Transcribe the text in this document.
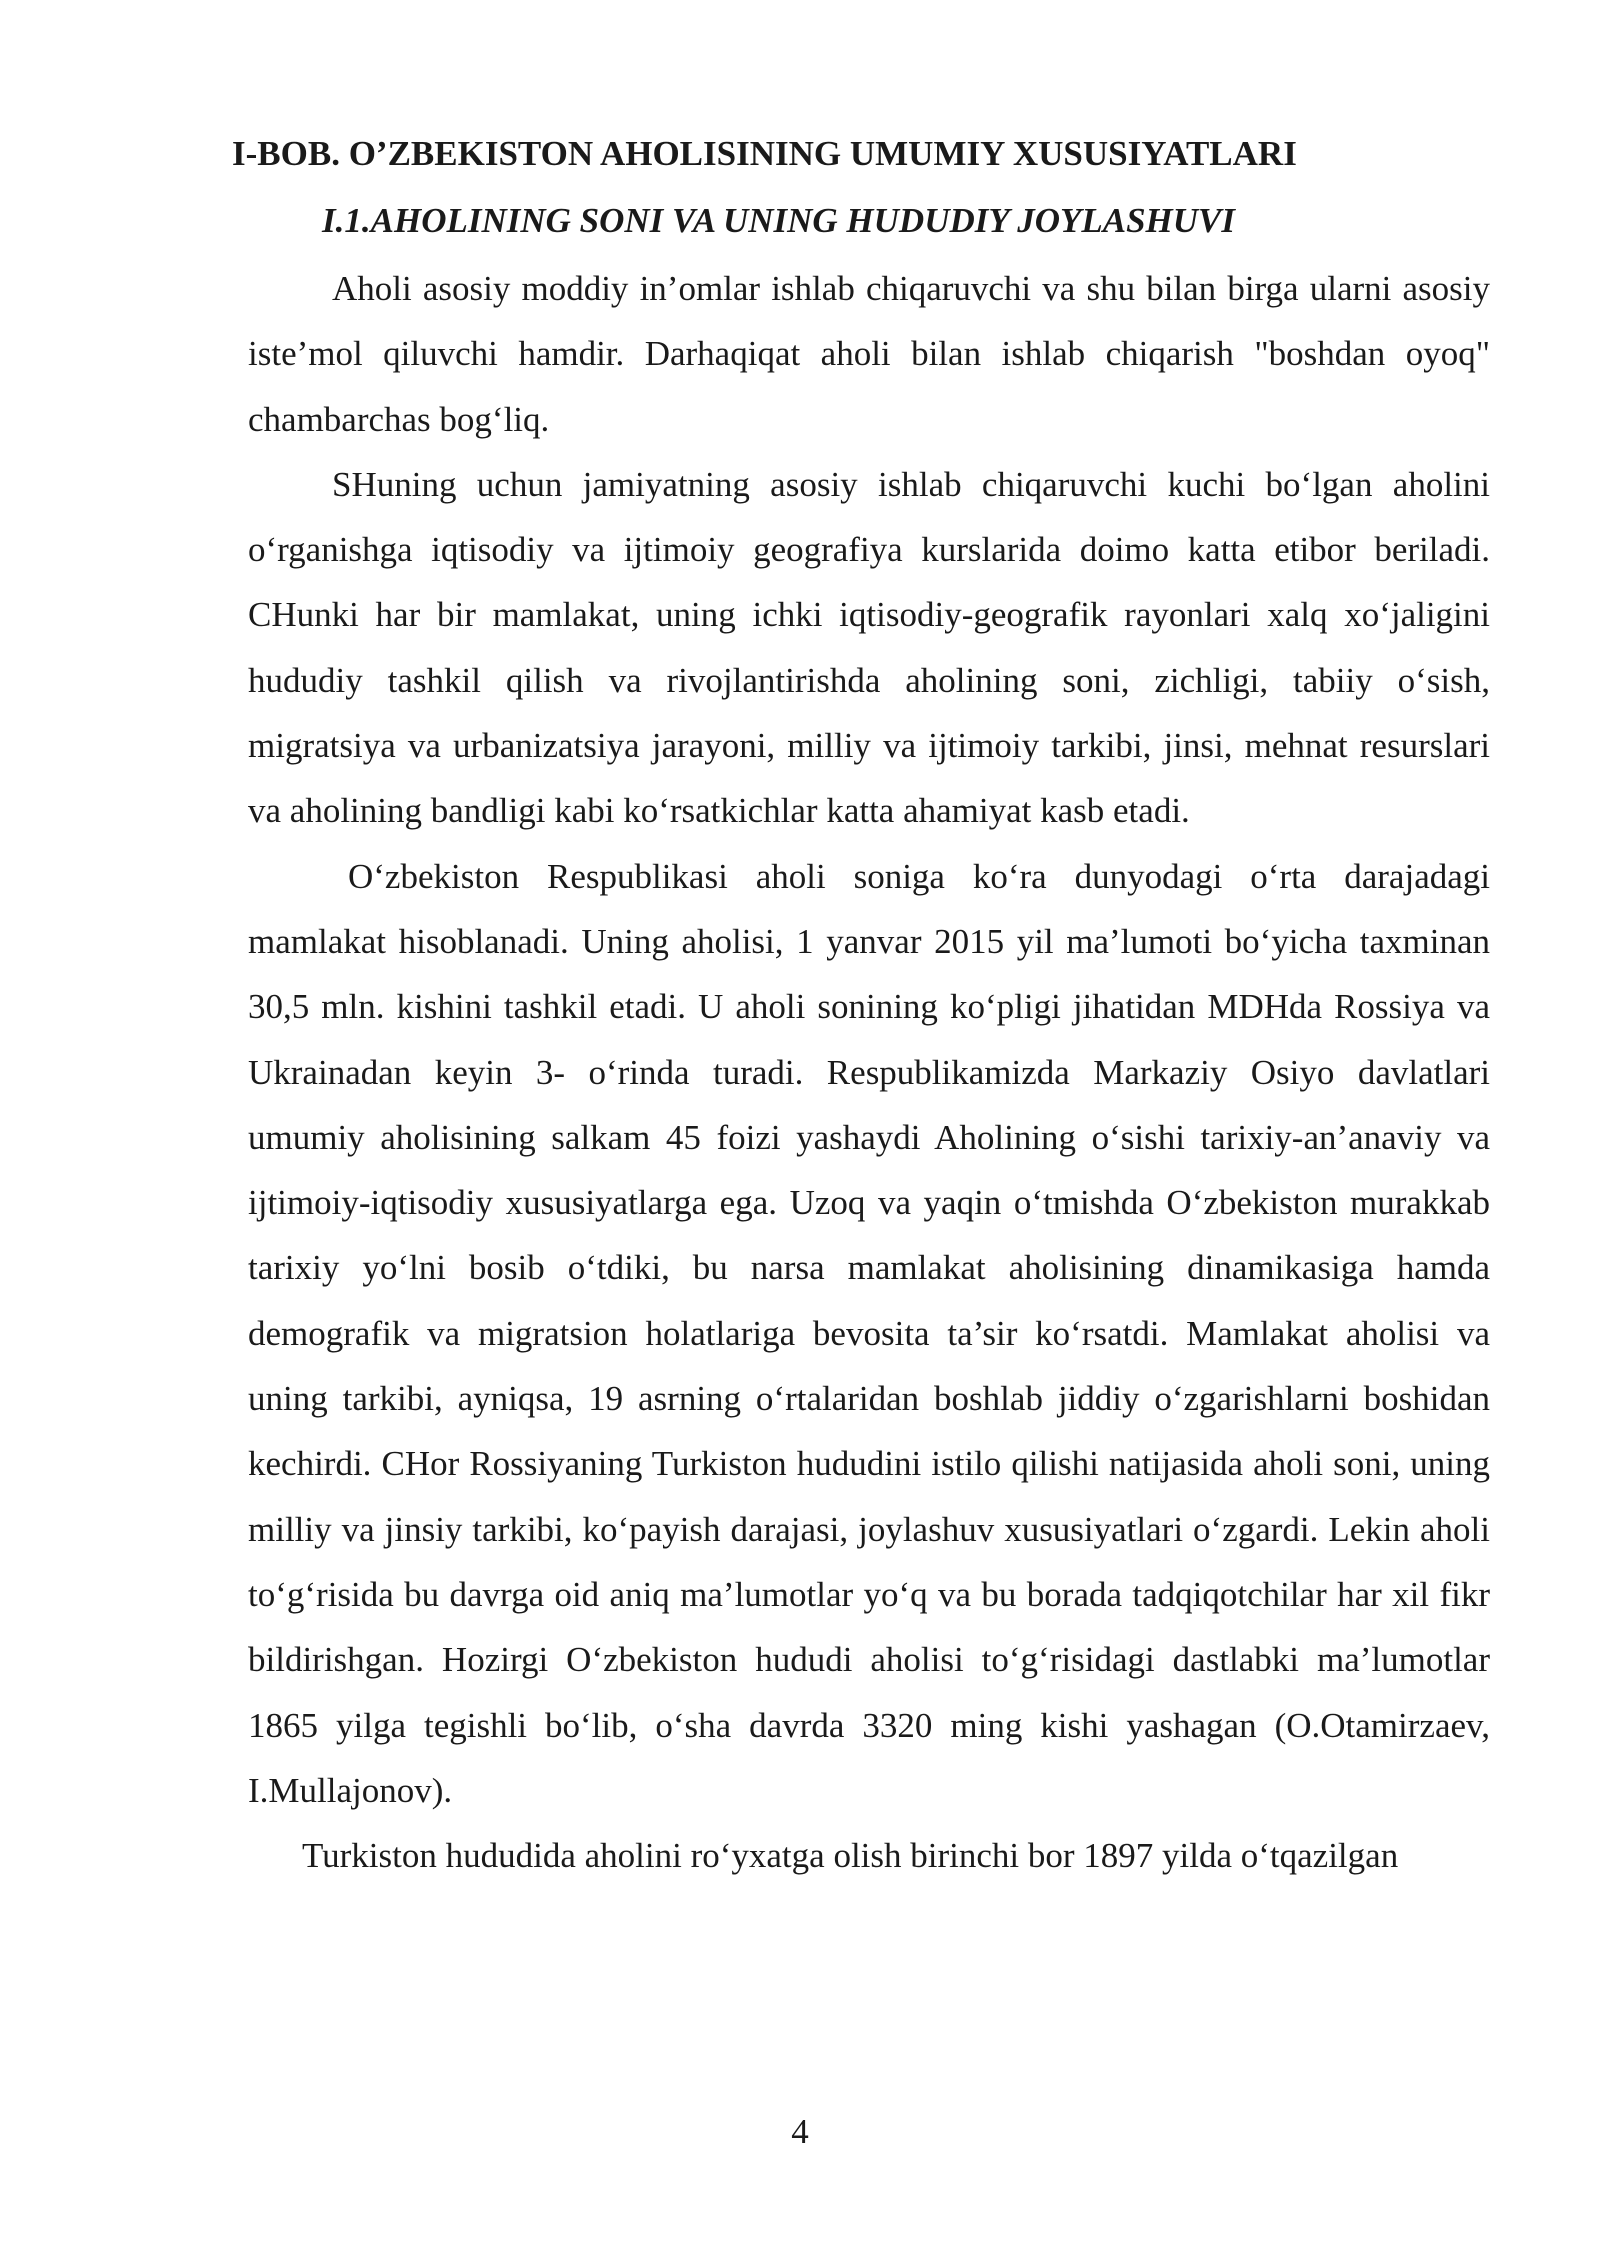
I-BOB. O’ZBEKISTON AHOLISINING UMUMIY XUSUSIYATLARI
I.1.AHOLINING SONI VA UNING HUDUDIY JOYLASHUVI

Aholi asosiy moddiy in’omlar ishlab chiqaruvchi va shu bilan birga ularni asosiy iste’mol qiluvchi hamdir. Darhaqiqat aholi bilan ishlab chiqarish "boshdan oyoq" chambarchas bog‘liq.

SHuning uchun jamiyatning asosiy ishlab chiqaruvchi kuchi bo‘lgan aholini o‘rganishga iqtisodiy va ijtimoiy geografiya kurslarida doimo katta etibor beriladi. CHunki har bir mamlakat, uning ichki iqtisodiy-geografik rayonlari xalq xo‘jaligini hududiy tashkil qilish va rivojlantirishda aholining soni, zichligi, tabiiy o‘sish, migratsiya va urbanizatsiya jarayoni, milliy va ijtimoiy tarkibi, jinsi, mehnat resurslari va aholining bandligi kabi ko‘rsatkichlar katta ahamiyat kasb etadi.

O‘zbekiston Respublikasi aholi soniga ko‘ra dunyodagi o‘rta darajadagi mamlakat hisoblanadi. Uning aholisi, 1 yanvar 2015 yil ma’lumoti bo‘yicha taxminan 30,5 mln. kishini tashkil etadi. U aholi sonining ko‘pligi jihatidan MDHda Rossiya va Ukrainadan keyin 3- o‘rinda turadi. Respublikamizda Markaziy Osiyo davlatlari umumiy aholisining salkam 45 foizi yashaydi Aholining o‘sishi tarixiy-an’anaviy va ijtimoiy-iqtisodiy xususiyatlarga ega. Uzoq va yaqin o‘tmishda O‘zbekiston murakkab tarixiy yo‘lni bosib o‘tdiki, bu narsa mamlakat aholisining dinamikasiga hamda demografik va migratsion holatlariga bevosita ta’sir ko‘rsatdi. Mamlakat aholisi va uning tarkibi, ayniqsa, 19 asrning o‘rtalaridan boshlab jiddiy o‘zgarishlarni boshidan kechirdi. CHor Rossiyaning Turkiston hududini istilo qilishi natijasida aholi soni, uning milliy va jinsiy tarkibi, ko‘payish darajasi, joylashuv xususiyatlari o‘zgardi. Lekin aholi to‘g‘risida bu davrga oid aniq ma’lumotlar yo‘q va bu borada tadqiqotchilar har xil fikr bildirishgan. Hozirgi O‘zbekiston hududi aholisi to‘g‘risidagi dastlabki ma’lumotlar 1865 yilga tegishli bo‘lib, o‘sha davrda 3320 ming kishi yashagan (O.Otamirzaev, I.Mullajonov).

Turkiston hududida aholini ro‘yxatga olish birinchi bor 1897 yilda o‘tqazilgan

4
